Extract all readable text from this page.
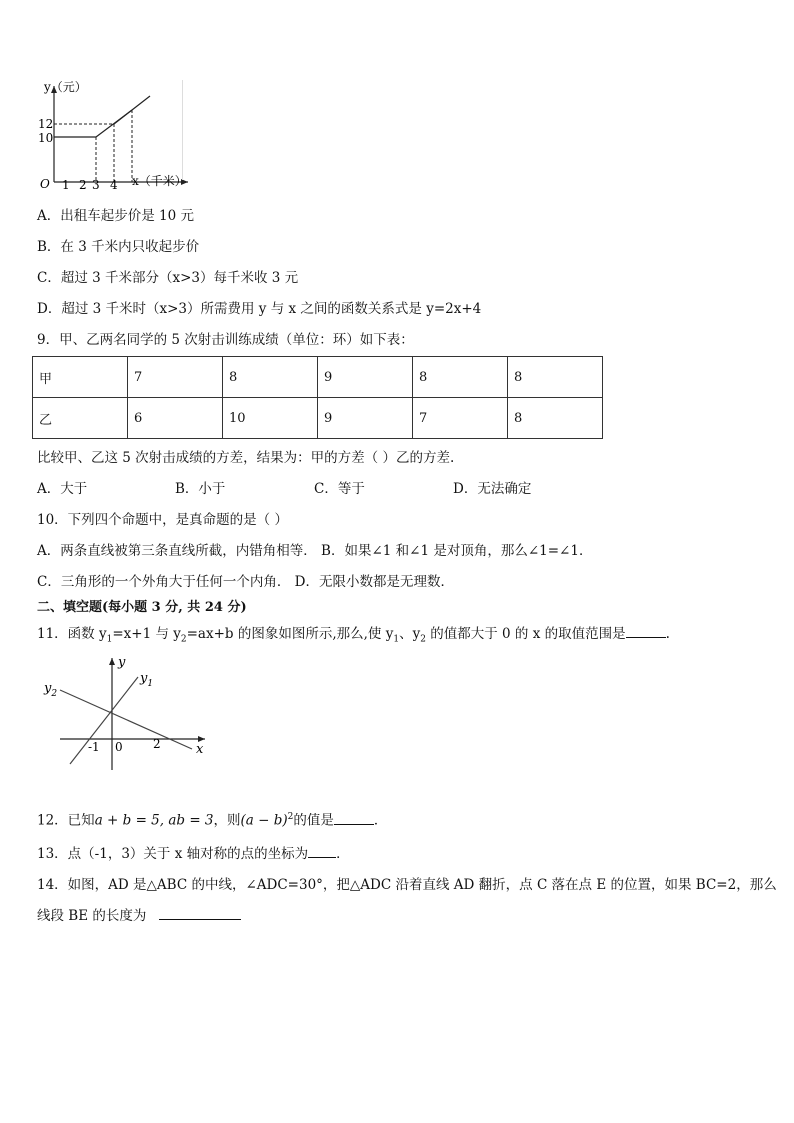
y（元）
12
10
O 1 2 3 4 x（千米）
A．出租车起步价是 10 元
B．在 3 千米内只收起步价
C．超过 3 千米部分（x>3）每千米收 3 元
D．超过 3 千米时（x>3）所需费用 y 与 x 之间的函数关系式是 y=2x+4
9．甲、乙两名同学的 5 次射击训练成绩（单位：环）如下表：
甲	7	8	9	8	8
乙	6	10	9	7	8
比较甲、乙这 5 次射击成绩的方差，结果为：甲的方差（ ）乙的方差.
A．大于	B．小于	C．等于	D．无法确定
10．下列四个命题中，是真命题的是（ ）
A．两条直线被第三条直线所截，内错角相等． B．如果∠1 和∠1 是对顶角，那么∠1=∠1．
C．三角形的一个外角大于任何一个内角． D．无限小数都是无理数．
二、填空题(每小题 3 分, 共 24 分)
11．函数 $y_1=x+1$ 与 $y_2=ax+b$ 的图象如图所示,那么,使 $y_1$、$y_2$ 的值都大于 0 的 x 的取值范围是	.
$y_2$
$y_1$
y
x
-1 0	2
12．已知a + b = 5, ab = 3，则$(a - b)^2$的值是	．
13．点（-1，3）关于 x 轴对称的点的坐标为 ．
14．如图，AD 是△ABC 的中线，∠ADC=30°，把△ADC 沿着直线 AD 翻折，点 C 落在点 E 的位置，如果 BC=2，那么
线段 BE 的长度为
